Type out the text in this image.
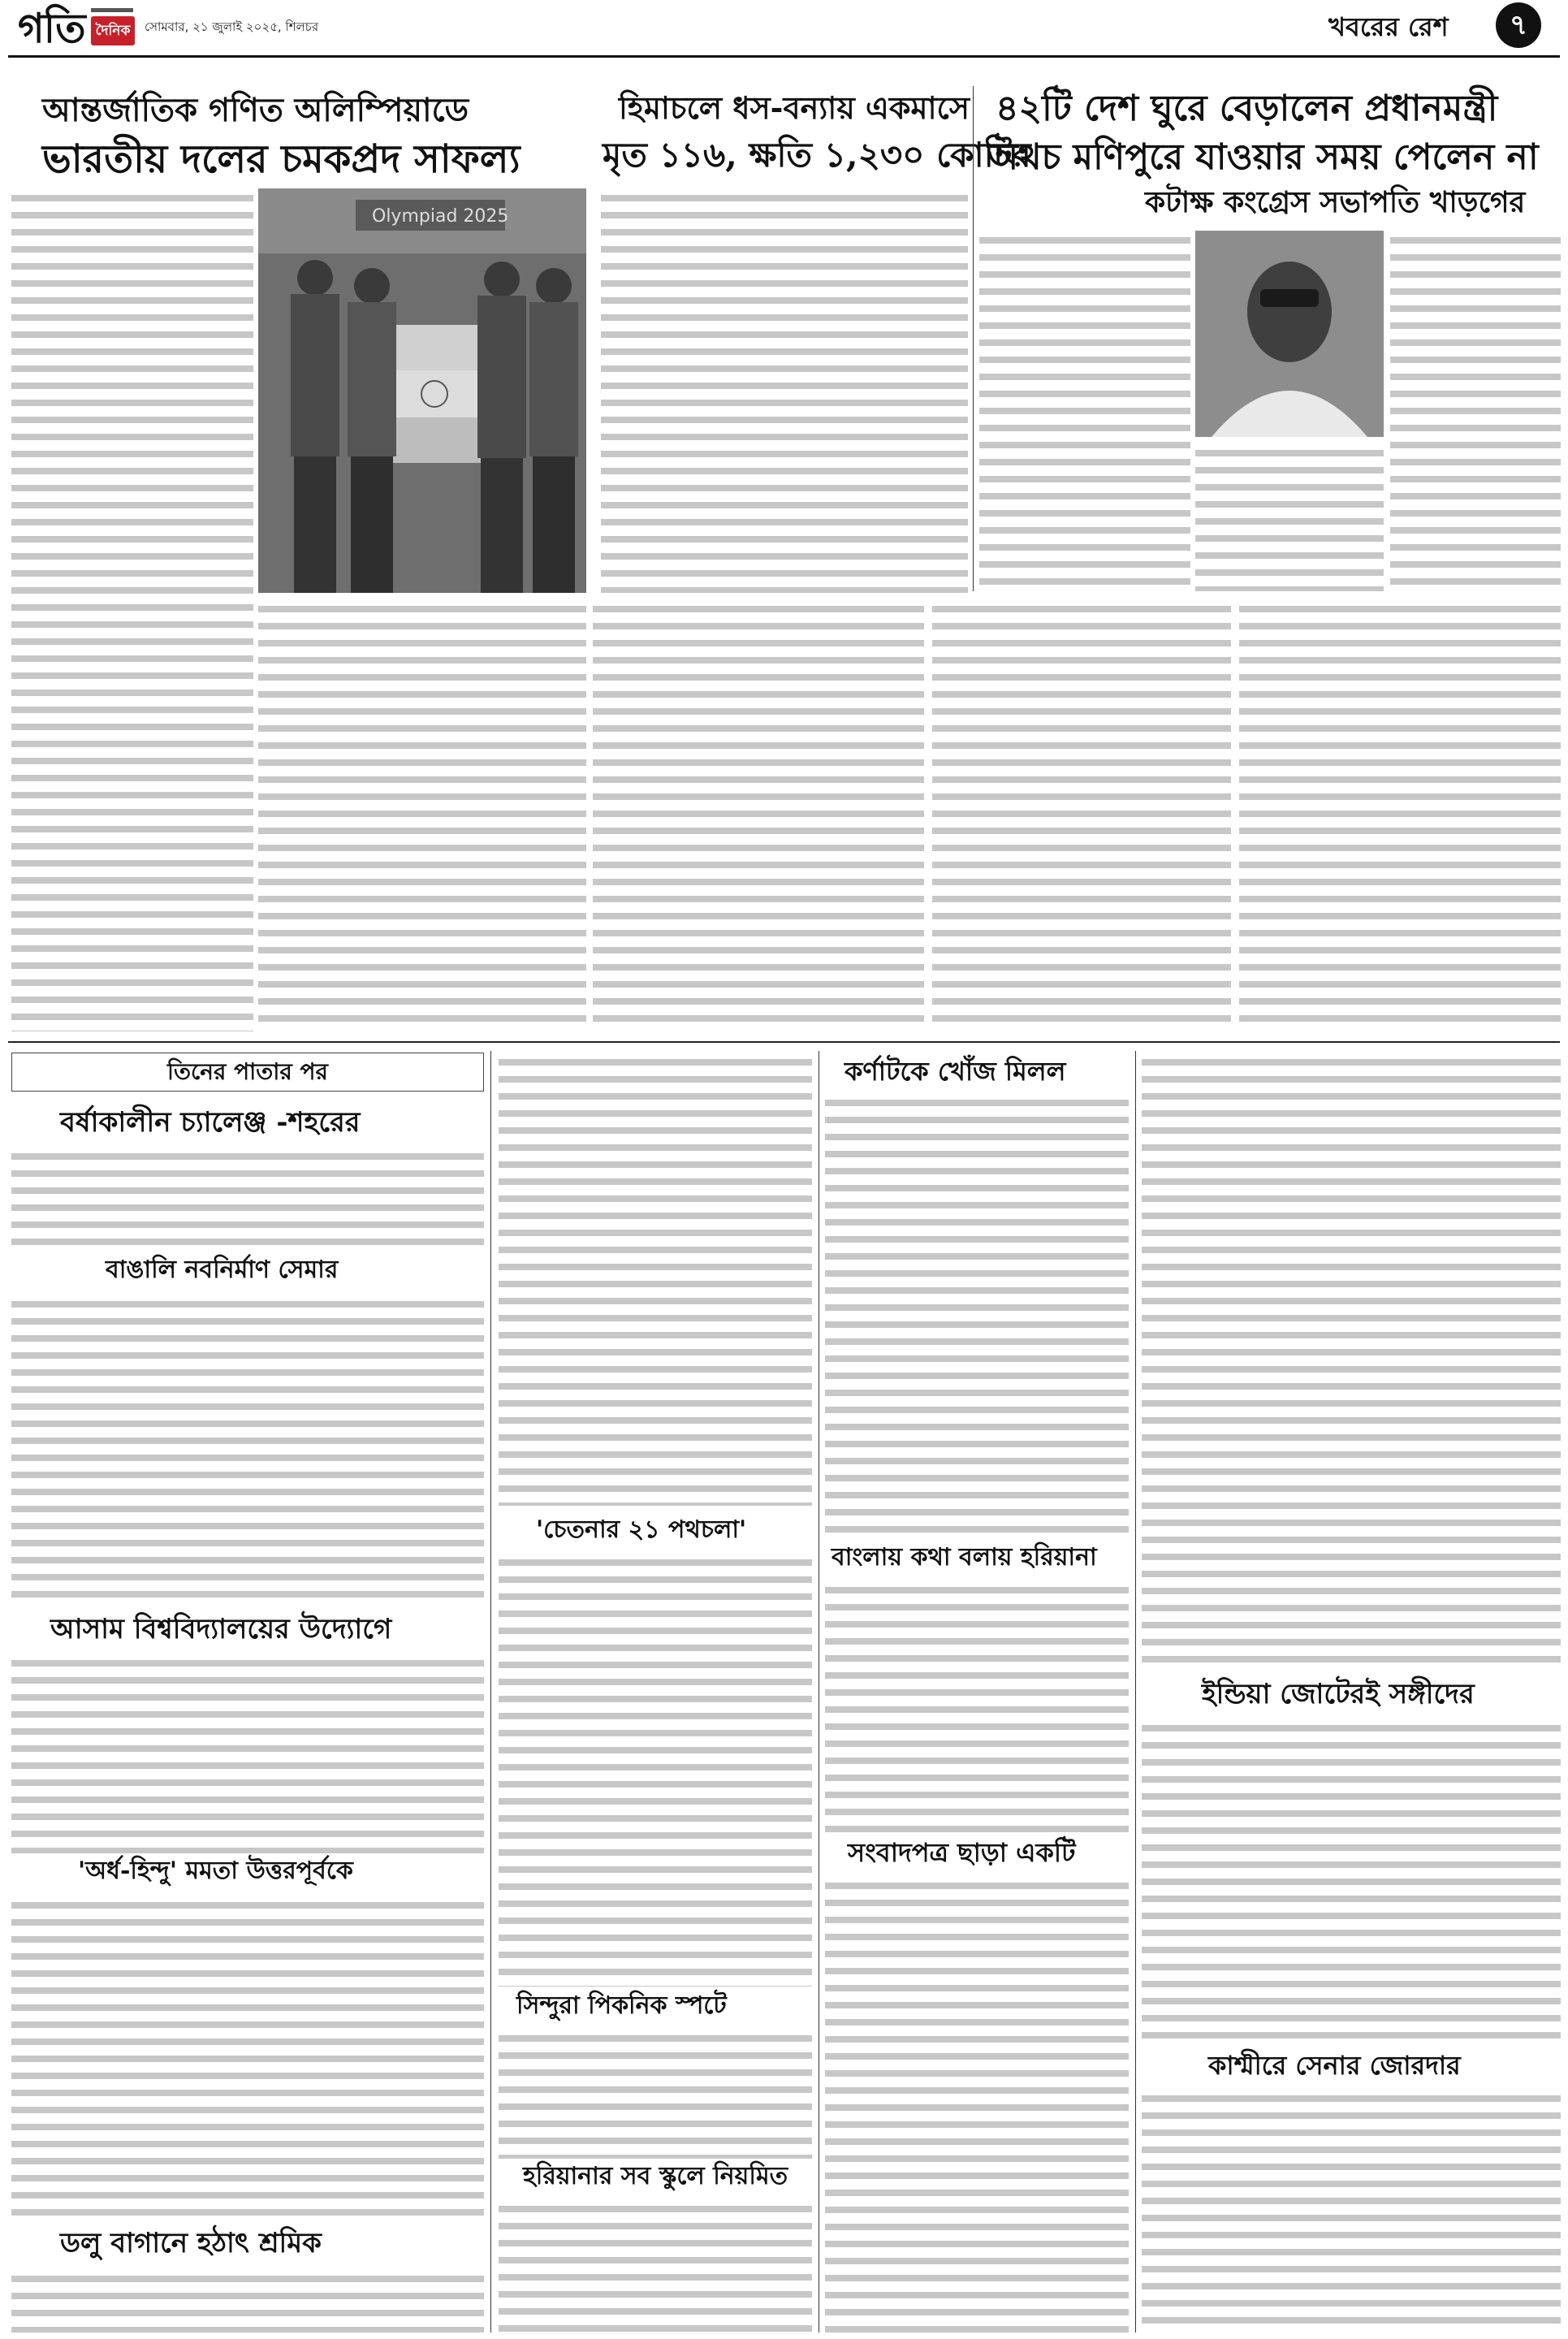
গতি দৈনিক	সোমবার, ২১ জুলাই ২০২৫, শিলচর	খবরের রেশ	৭
আন্তর্জাতিক গণিত অলিম্পিয়াডে
ভারতীয় দলের চমকপ্রদ সাফল্য
Olympiad 2025
হিমাচলে ধস-বন্যায় একমাসে
মৃত ১১৬, ক্ষতি ১,২৩০ কোটির
৪২টি দেশ ঘুরে বেড়ালেন প্রধানমন্ত্রী
অথচ মণিপুরে যাওয়ার সময় পেলেন না
কটাক্ষ কংগ্রেস সভাপতি খাড়গের
তিনের পাতার পর
বর্ষাকালীন চ্যালেঞ্জ -শহরের
বাঙালি নবনির্মাণ সেমার
আসাম বিশ্ববিদ্যালয়ের উদ্যোগে
'অর্ধ-হিন্দু' মমতা উত্তরপূর্বকে
ডলু বাগানে হঠাৎ শ্রমিক
'চেতনার ২১ পথচলা'
সিন্দুরা পিকনিক স্পটে
হরিয়ানার সব স্কুলে নিয়মিত
কর্ণাটকে খোঁজ মিলল
বাংলায় কথা বলায় হরিয়ানা
সংবাদপত্র ছাড়া একটি
ইন্ডিয়া জোটেরই সঙ্গীদের
কাশ্মীরে সেনার জোরদার
